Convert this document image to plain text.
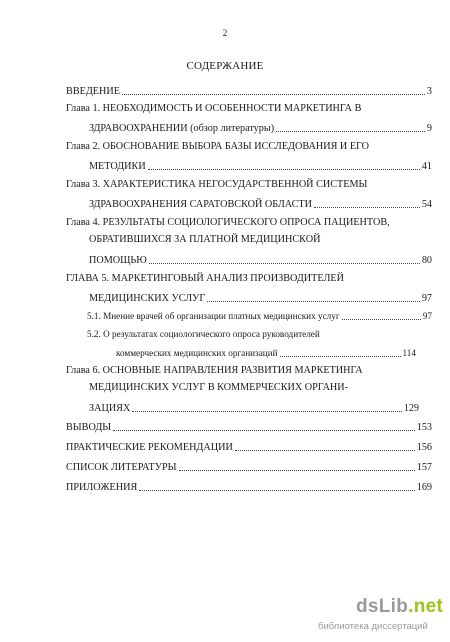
2
СОДЕРЖАНИЕ
ВВЕДЕНИЕ	3
Глава 1. НЕОБХОДИМОСТЬ И ОСОБЕННОСТИ МАРКЕТИНГА В
ЗДРАВООХРАНЕНИИ (обзор литературы)	9
Глава 2. ОБОСНОВАНИЕ ВЫБОРА БАЗЫ ИССЛЕДОВАНИЯ И ЕГО
МЕТОДИКИ	41
Глава 3. ХАРАКТЕРИСТИКА НЕГОСУДАРСТВЕННОЙ СИСТЕМЫ
ЗДРАВООХРАНЕНИЯ САРАТОВСКОЙ ОБЛАСТИ	54
Глава 4. РЕЗУЛЬТАТЫ СОЦИОЛОГИЧЕСКОГО ОПРОСА ПАЦИЕНТОВ,
ОБРАТИВШИХСЯ ЗА ПЛАТНОЙ МЕДИЦИНСКОЙ
ПОМОЩЬЮ	80
ГЛАВА 5. МАРКЕТИНГОВЫЙ АНАЛИЗ ПРОИЗВОДИТЕЛЕЙ
МЕДИЦИНСКИХ УСЛУГ	97
5.1. Мнение врачей об организации платных медицинских услуг	97
5.2. О результатах социологического опроса руководителей
коммерческих медицинских организаций	114
Глава 6. ОСНОВНЫЕ НАПРАВЛЕНИЯ РАЗВИТИЯ МАРКЕТИНГА
МЕДИЦИНСКИХ УСЛУГ В КОММЕРЧЕСКИХ ОРГАНИ-
ЗАЦИЯХ	129
ВЫВОДЫ	153
ПРАКТИЧЕСКИЕ РЕКОМЕНДАЦИИ	156
СПИСОК ЛИТЕРАТУРЫ	157
ПРИЛОЖЕНИЯ	169
dsLib.net
библиотека диссертаций
